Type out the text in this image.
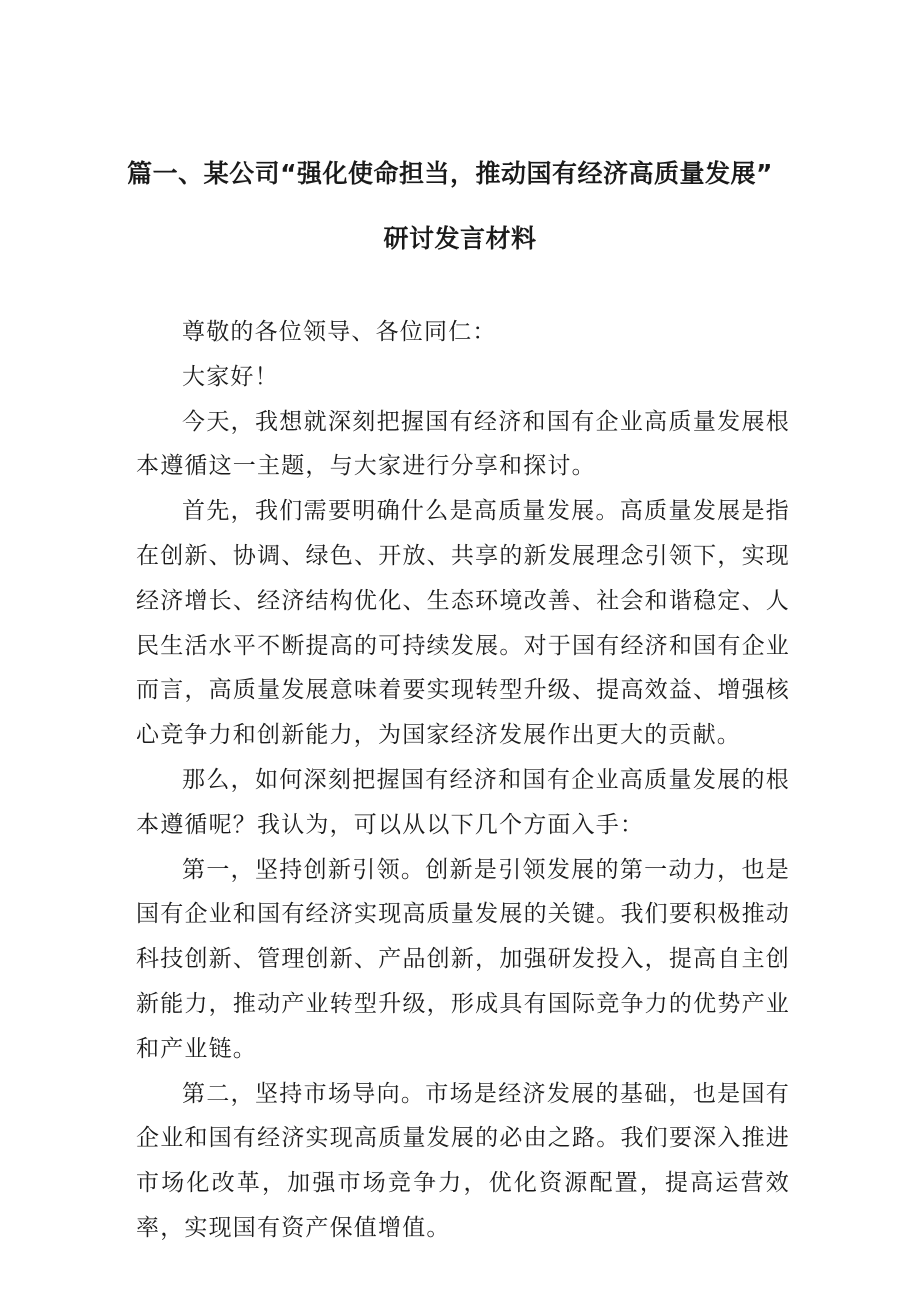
篇一、某公司“强化使命担当，推动国有经济高质量发展”
研讨发言材料

尊敬的各位领导、各位同仁：

大家好！

今天，我想就深刻把握国有经济和国有企业高质量发展根本遵循这一主题，与大家进行分享和探讨。

首先，我们需要明确什么是高质量发展。高质量发展是指在创新、协调、绿色、开放、共享的新发展理念引领下，实现经济增长、经济结构优化、生态环境改善、社会和谐稳定、人民生活水平不断提高的可持续发展。对于国有经济和国有企业而言，高质量发展意味着要实现转型升级、提高效益、增强核心竞争力和创新能力，为国家经济发展作出更大的贡献。

那么，如何深刻把握国有经济和国有企业高质量发展的根本遵循呢？我认为，可以从以下几个方面入手：

第一，坚持创新引领。创新是引领发展的第一动力，也是国有企业和国有经济实现高质量发展的关键。我们要积极推动科技创新、管理创新、产品创新，加强研发投入，提高自主创新能力，推动产业转型升级，形成具有国际竞争力的优势产业和产业链。

第二，坚持市场导向。市场是经济发展的基础，也是国有企业和国有经济实现高质量发展的必由之路。我们要深入推进市场化改革，加强市场竞争力，优化资源配置，提高运营效率，实现国有资产保值增值。
